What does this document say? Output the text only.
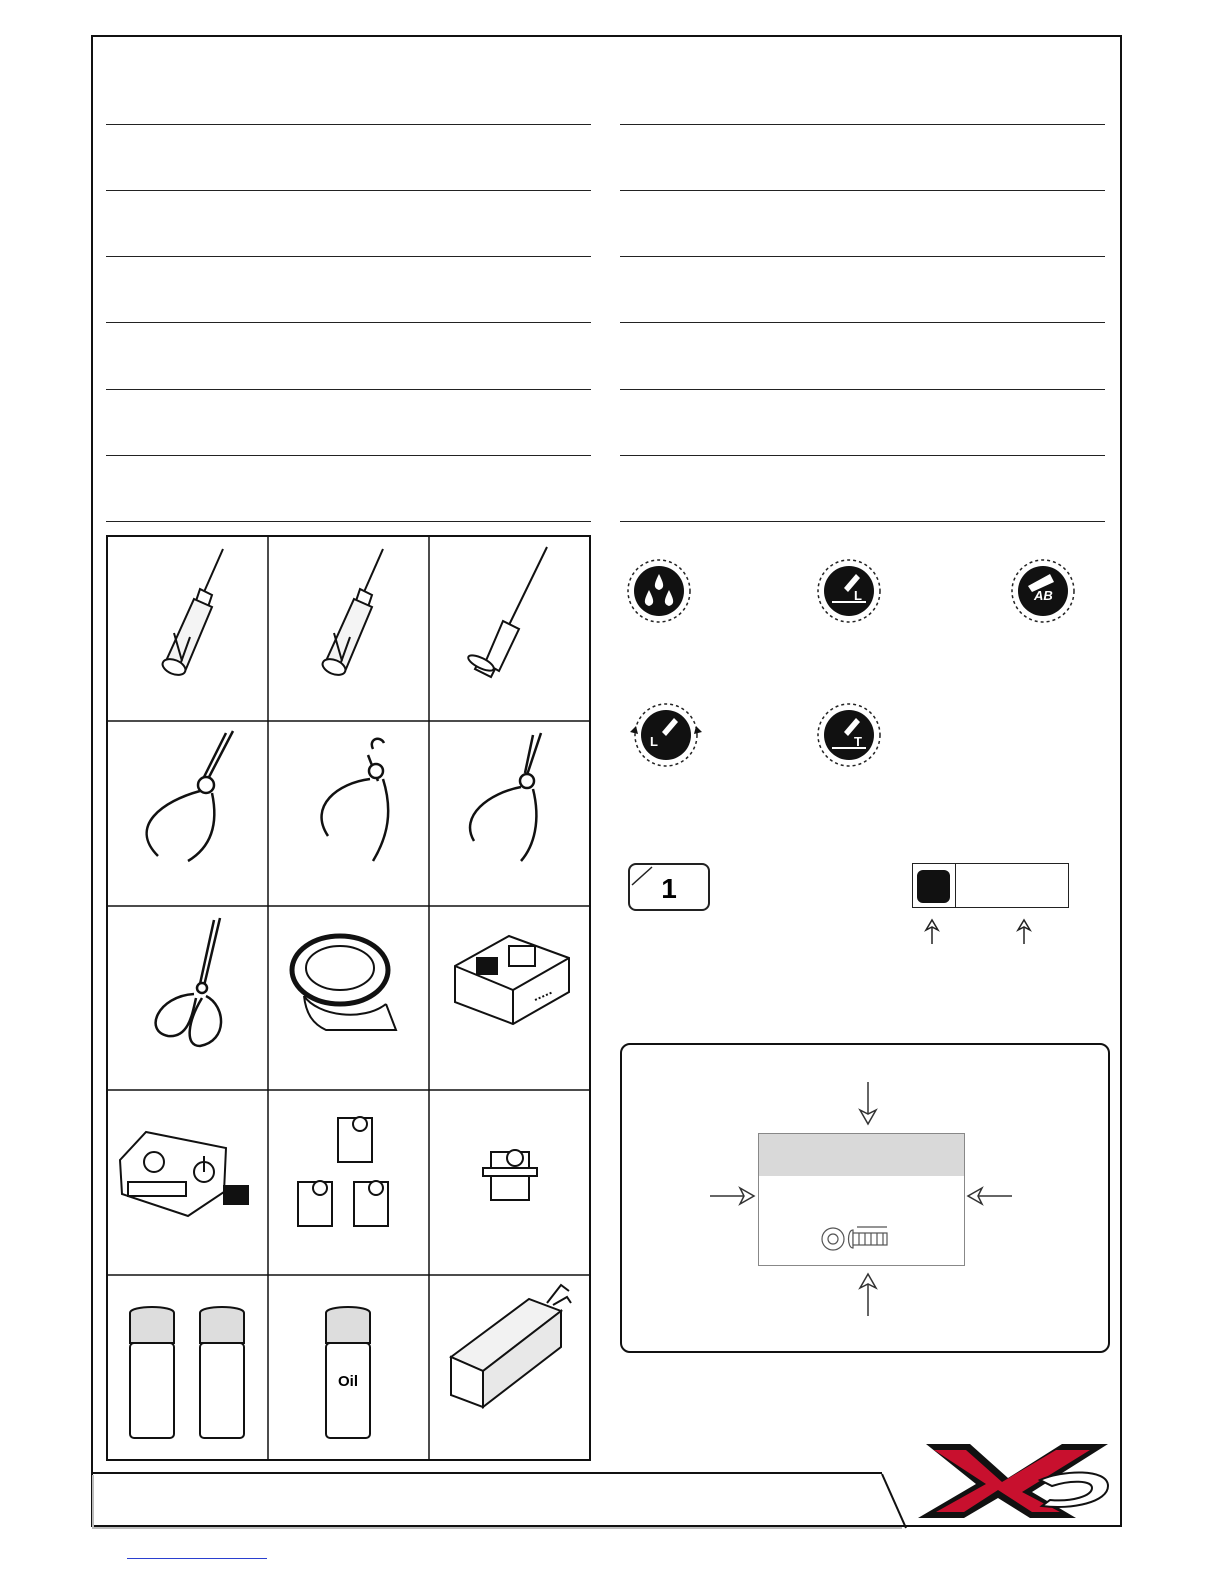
Oil
L	AB
L	T
1
X3
